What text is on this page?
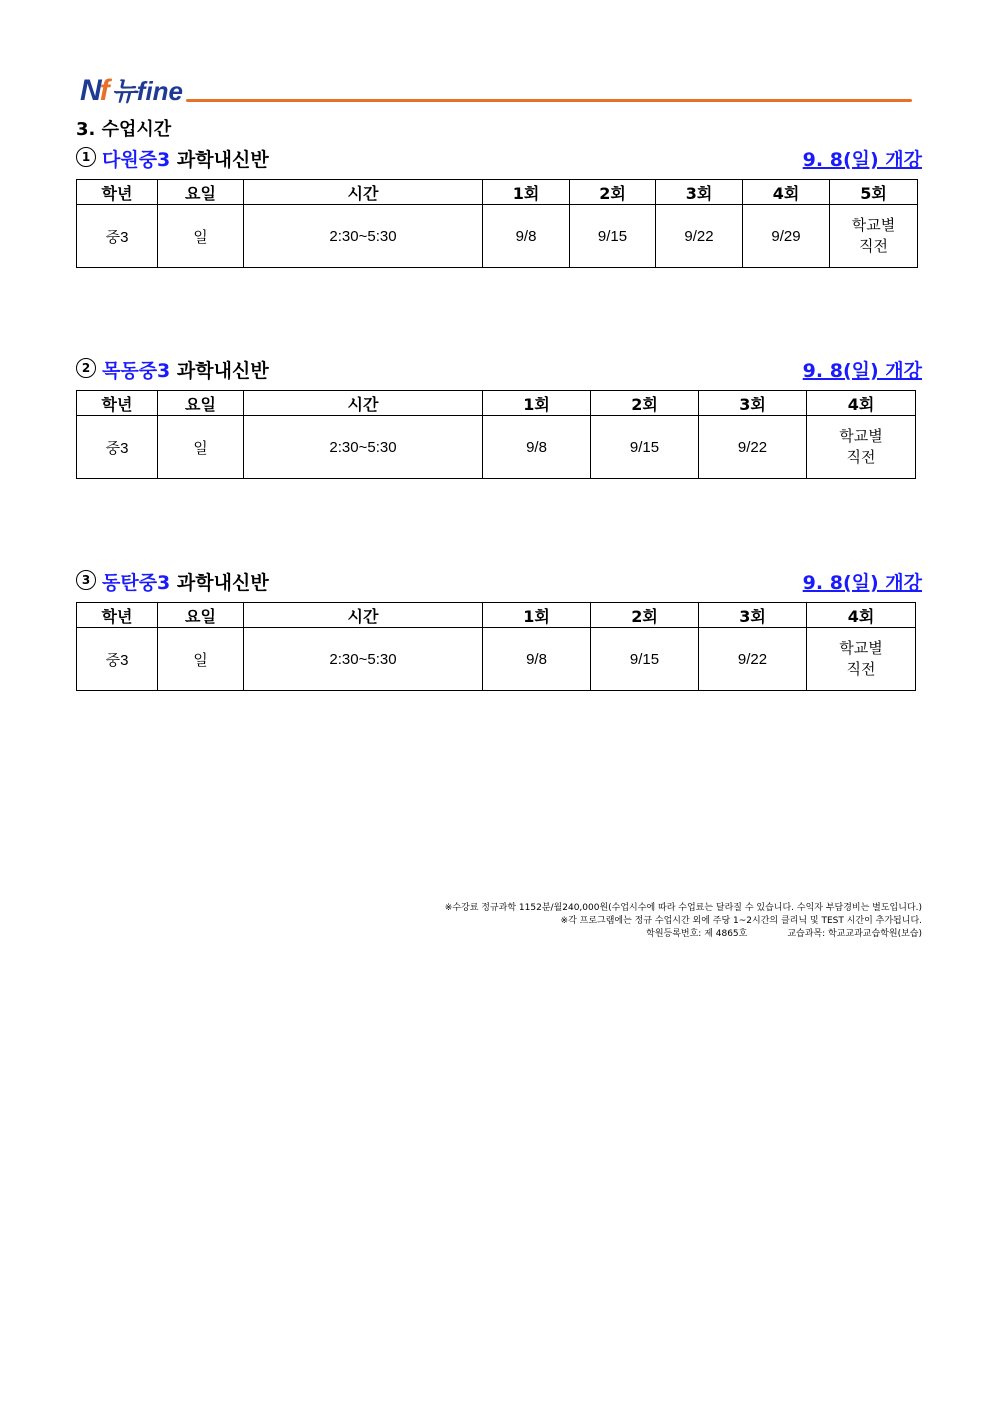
Nf 뉴fine
3. 수업시간
1 다원중3 과학내신반	9. 8(일) 개강
학년	요일	시간	1회	2회	3회	4회	5회
중3	일	2:30~5:30	9/8	9/15	9/22	9/29	학교별
직전
2 목동중3 과학내신반	9. 8(일) 개강
학년	요일	시간	1회	2회	3회	4회
중3	일	2:30~5:30	9/8	9/15	9/22	학교별
직전
3 동탄중3 과학내신반	9. 8(일) 개강
학년	요일	시간	1회	2회	3회	4회
중3	일	2:30~5:30	9/8	9/15	9/22	학교별
직전
※수강료 정규과학 1152분/월240,000원(수업시수에 따라 수업료는 달라질 수 있습니다. 수익자 부담경비는 별도입니다.)
※각 프로그램에는 정규 수업시간 외에 주당 1~2시간의 클리닉 및 TEST 시간이 추가됩니다.
학원등록번호: 제 4865호	교습과목: 학교교과교습학원(보습)
